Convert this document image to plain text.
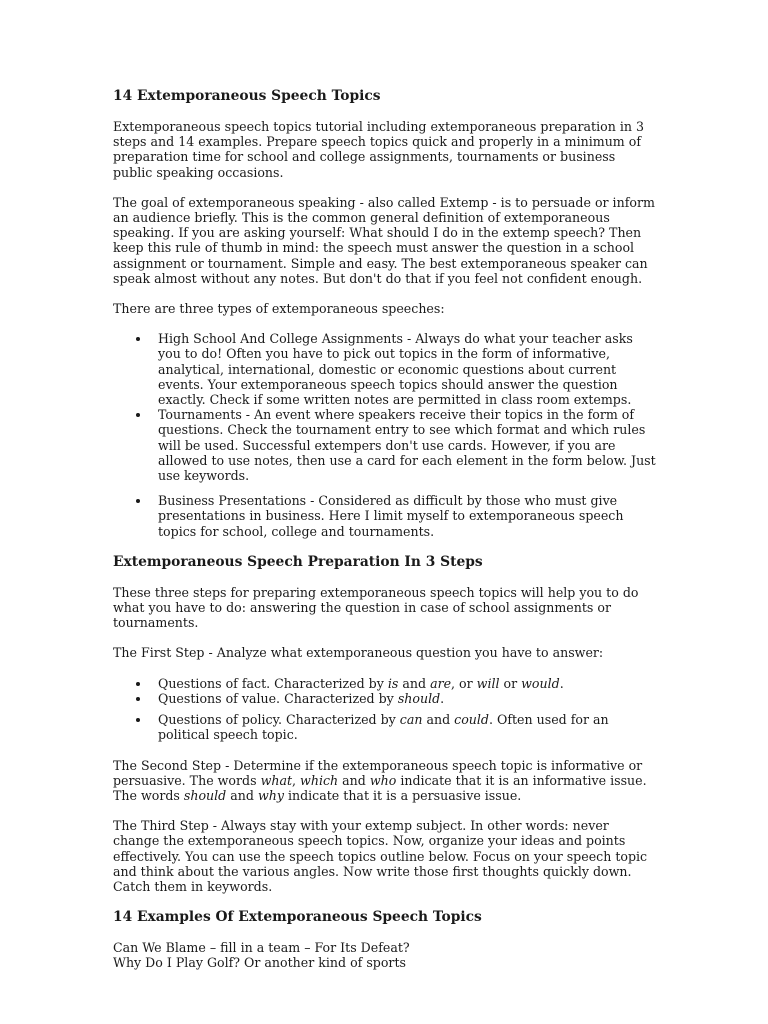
14 Extemporaneous Speech Topics

Extemporaneous speech topics tutorial including extemporaneous preparation in 3 steps and 14 examples. Prepare speech topics quick and properly in a minimum of preparation time for school and college assignments, tournaments or business public speaking occasions.

The goal of extemporaneous speaking - also called Extemp - is to persuade or inform an audience briefly. This is the common general definition of extemporaneous speaking. If you are asking yourself: What should I do in the extemp speech? Then keep this rule of thumb in mind: the speech must answer the question in a school assignment or tournament. Simple and easy. The best extemporaneous speaker can speak almost without any notes. But don't do that if you feel not confident enough.

There are three types of extemporaneous speeches:

High School And College Assignments - Always do what your teacher asks you to do! Often you have to pick out topics in the form of informative, analytical, international, domestic or economic questions about current events. Your extemporaneous speech topics should answer the question exactly. Check if some written notes are permitted in class room extemps.
Tournaments - An event where speakers receive their topics in the form of questions. Check the tournament entry to see which format and which rules will be used. Successful extempers don't use cards. However, if you are allowed to use notes, then use a card for each element in the form below. Just use keywords.
Business Presentations - Considered as difficult by those who must give presentations in business. Here I limit myself to extemporaneous speech topics for school, college and tournaments.
Extemporaneous Speech Preparation In 3 Steps

These three steps for preparing extemporaneous speech topics will help you to do what you have to do: answering the question in case of school assignments or tournaments.

The First Step - Analyze what extemporaneous question you have to answer:

Questions of fact. Characterized by is and are, or will or would.
Questions of value. Characterized by should.
Questions of policy. Characterized by can and could. Often used for an political speech topic.

The Second Step - Determine if the extemporaneous speech topic is informative or persuasive. The words what, which and who indicate that it is an informative issue. The words should and why indicate that it is a persuasive issue.

The Third Step - Always stay with your extemp subject. In other words: never change the extemporaneous speech topics. Now, organize your ideas and points effectively. You can use the speech topics outline below. Focus on your speech topic and think about the various angles. Now write those first thoughts quickly down. Catch them in keywords.

14 Examples Of Extemporaneous Speech Topics
Can We Blame – fill in a team – For Its Defeat?
Why Do I Play Golf? Or another kind of sports
